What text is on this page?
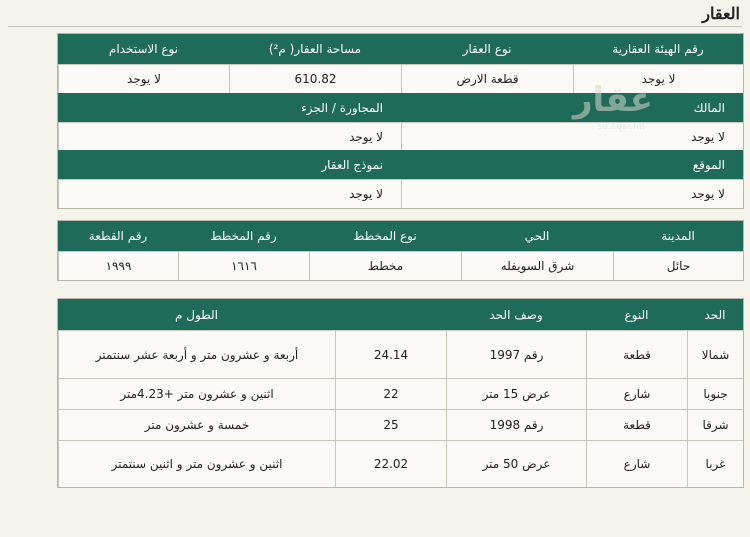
العقار
رقم الهيئة العقارية
نوع العقار
مساحة العقار( م²)
نوع الاستخدام
لا يوجد
قطعة الارض
610.82
لا يوجد
المالك
المجاورة / الجزء
لا يوجد
لا يوجد
الموقع
نموذج العقار
لا يوجد
لا يوجد
المدينة
الحي
نوع المخطط
رقم المخطط
رقم القطعة
حائل
شرق السويفله
مخطط
١٦١٦
١٩٩٩
الحد
النوع
وصف الحد
الطول م
شمالا
قطعة
رقم 1997
24.14
أربعة و عشرون متر و أربعة عشر سنتمتر
جنوبا
شارع
عرض 15 متر
22
اثنين و عشرون متر +4.23متر
شرقا
قطعة
رقم 1998
25
خمسة و عشرون متر
غربا
شارع
عرض 50 متر
22.02
اثنين و عشرون متر و اثنين سنتمتر
عقار
sa.aqar.fm
